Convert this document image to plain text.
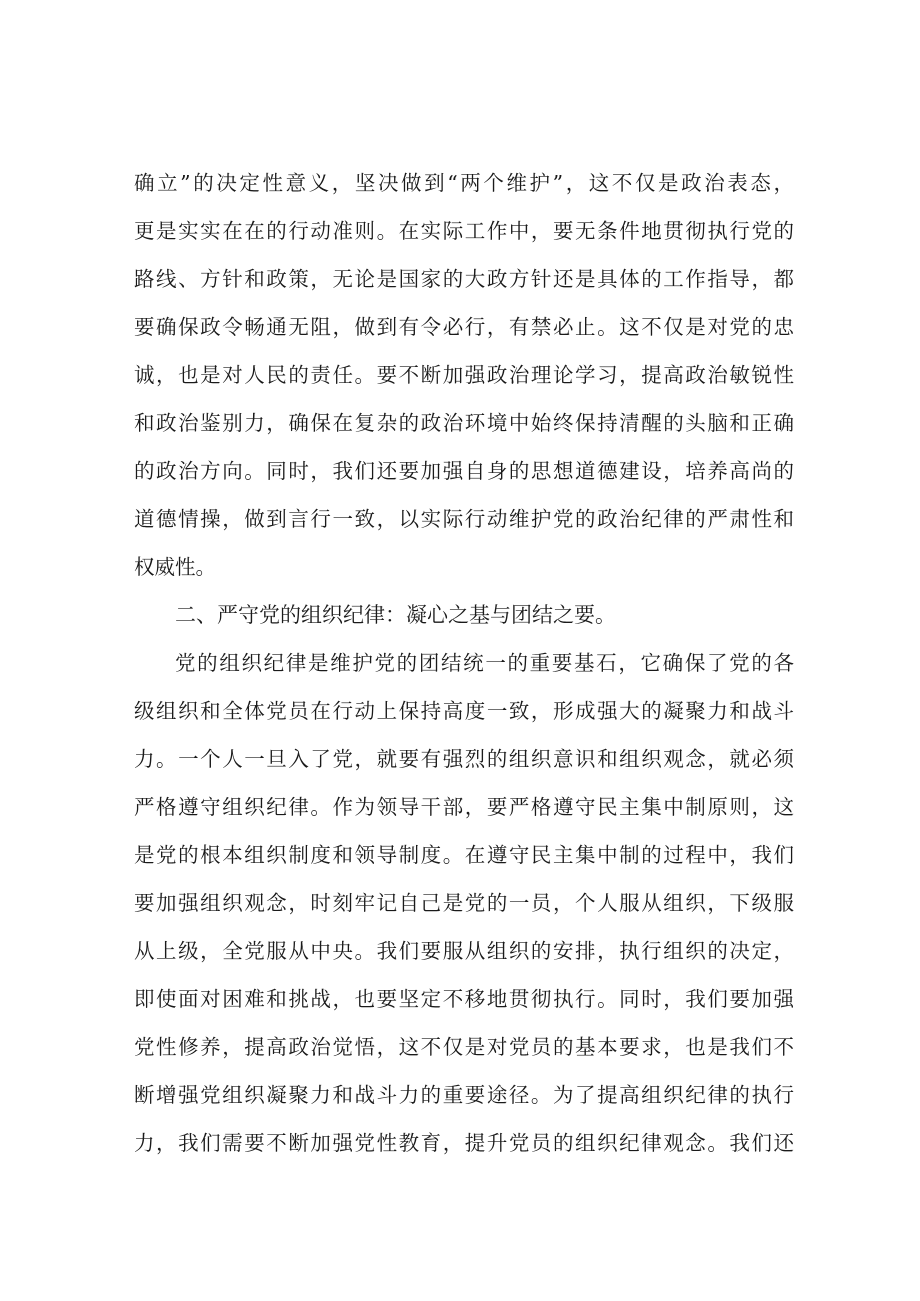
确立”的决定性意义，坚决做到“两个维护”，这不仅是政治表态，
更是实实在在的行动准则。在实际工作中，要无条件地贯彻执行党的
路线、方针和政策，无论是国家的大政方针还是具体的工作指导，都
要确保政令畅通无阻，做到有令必行，有禁必止。这不仅是对党的忠
诚，也是对人民的责任。要不断加强政治理论学习，提高政治敏锐性
和政治鉴别力，确保在复杂的政治环境中始终保持清醒的头脑和正确
的政治方向。同时，我们还要加强自身的思想道德建设，培养高尚的
道德情操，做到言行一致，以实际行动维护党的政治纪律的严肃性和
权威性。
二、严守党的组织纪律：凝心之基与团结之要。
党的组织纪律是维护党的团结统一的重要基石，它确保了党的各
级组织和全体党员在行动上保持高度一致，形成强大的凝聚力和战斗
力。一个人一旦入了党，就要有强烈的组织意识和组织观念，就必须
严格遵守组织纪律。作为领导干部，要严格遵守民主集中制原则，这
是党的根本组织制度和领导制度。在遵守民主集中制的过程中，我们
要加强组织观念，时刻牢记自己是党的一员，个人服从组织，下级服
从上级，全党服从中央。我们要服从组织的安排，执行组织的决定，
即使面对困难和挑战，也要坚定不移地贯彻执行。同时，我们要加强
党性修养，提高政治觉悟，这不仅是对党员的基本要求，也是我们不
断增强党组织凝聚力和战斗力的重要途径。为了提高组织纪律的执行
力，我们需要不断加强党性教育，提升党员的组织纪律观念。我们还
